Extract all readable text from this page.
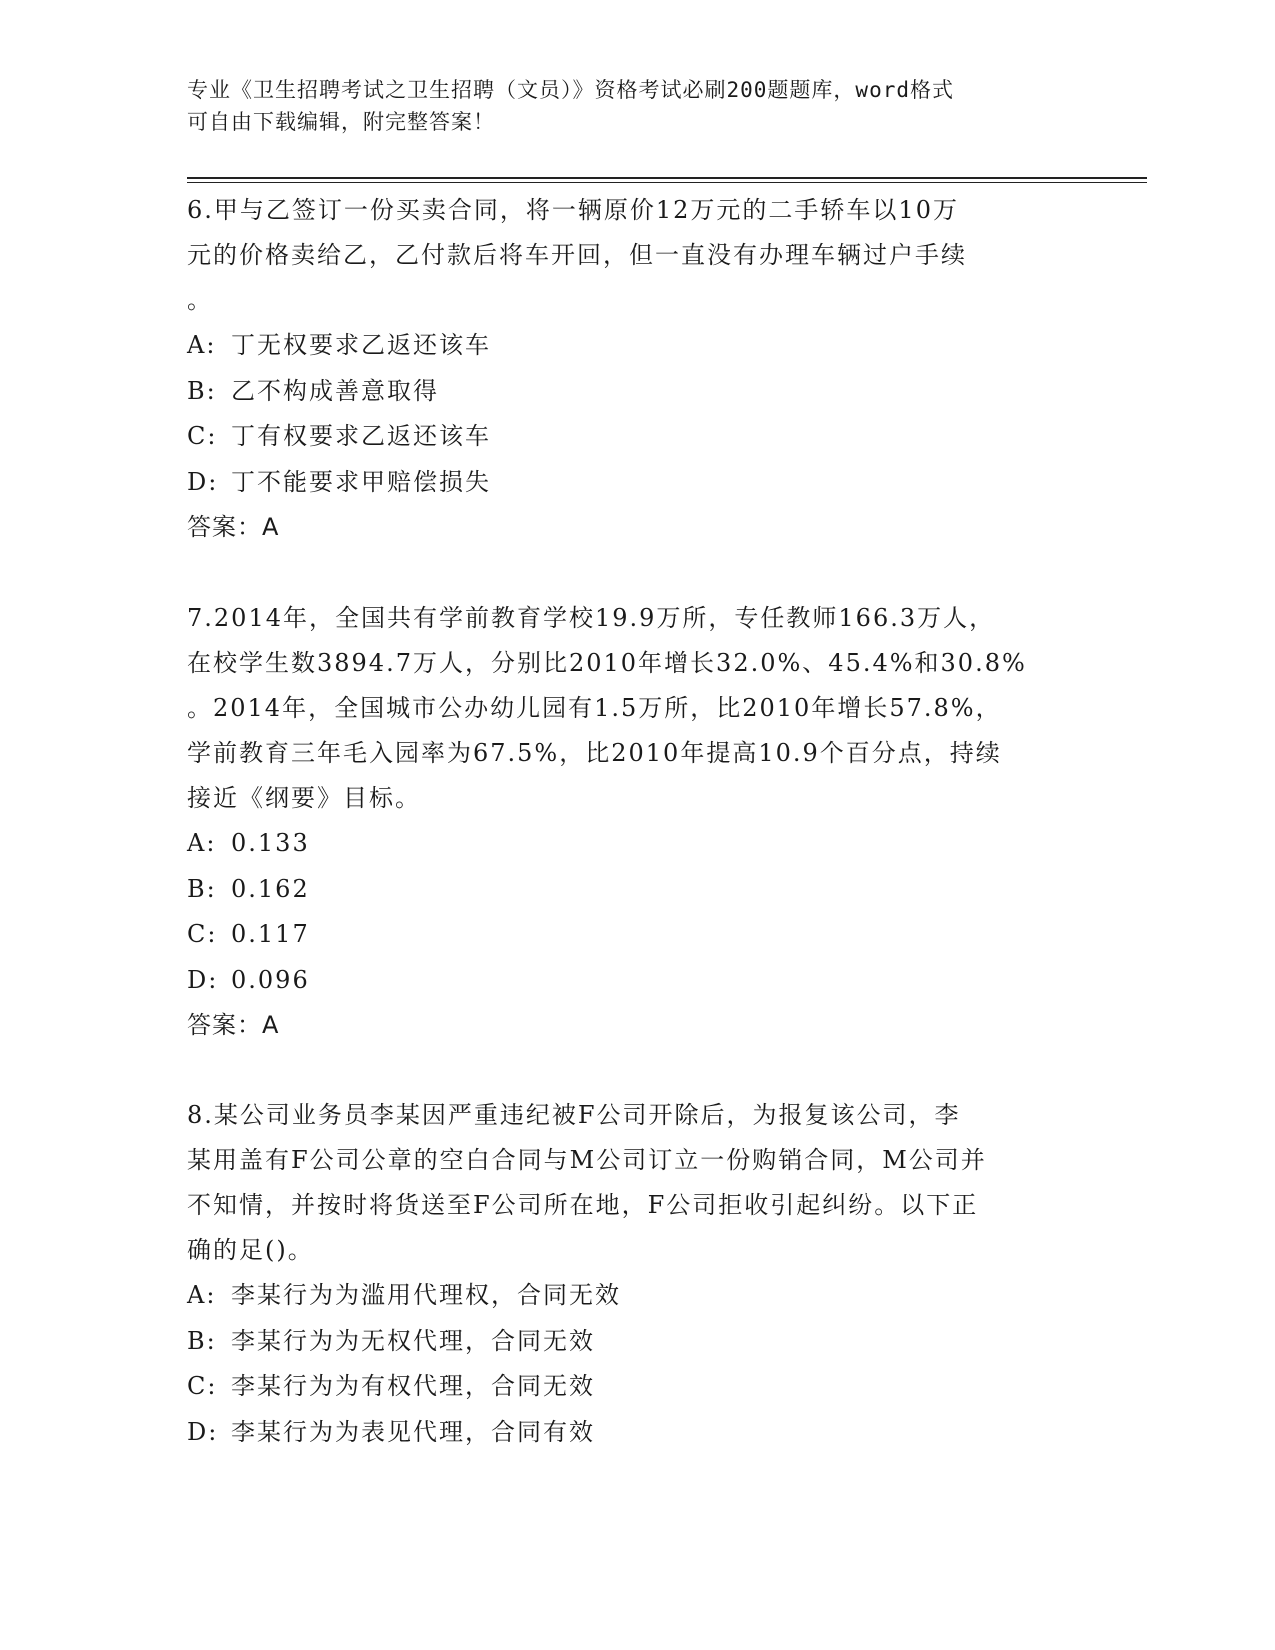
专业《卫生招聘考试之卫生招聘（文员）》资格考试必刷200题题库，word格式
可自由下载编辑，附完整答案！

6.甲与乙签订一份买卖合同，将一辆原价12万元的二手轿车以10万
元的价格卖给乙，乙付款后将车开回，但一直没有办理车辆过户手续
。

A: 丁无权要求乙返还该车
B: 乙不构成善意取得
C: 丁有权要求乙返还该车
D: 丁不能要求甲赔偿损失

答案：A

7.2014年，全国共有学前教育学校19.9万所，专任教师166.3万人，
在校学生数3894.7万人，分别比2010年增长32.0%、45.4%和30.8%
。2014年，全国城市公办幼儿园有1.5万所，比2010年增长57.8%，
学前教育三年毛入园率为67.5%，比2010年提高10.9个百分点，持续
接近《纲要》目标。

A: 0.133
B: 0.162
C: 0.117
D: 0.096

答案：A

8.某公司业务员李某因严重违纪被F公司开除后，为报复该公司，李
某用盖有F公司公章的空白合同与M公司订立一份购销合同，M公司并
不知情，并按时将货送至F公司所在地，F公司拒收引起纠纷。以下正
确的足()。

A: 李某行为为滥用代理权，合同无效
B: 李某行为为无权代理，合同无效
C: 李某行为为有权代理，合同无效
D: 李某行为为表见代理，合同有效
